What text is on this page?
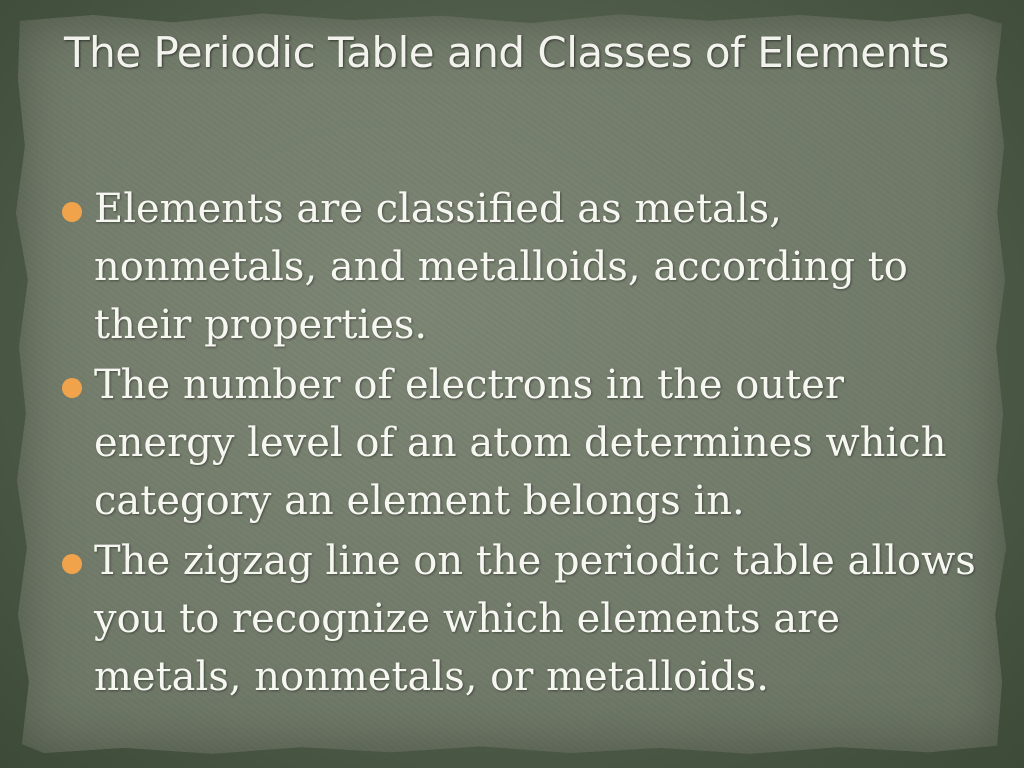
The Periodic Table and Classes of Elements
Elements are classified as metals, nonmetals, and metalloids, according to their properties.
The number of electrons in the outer energy level of an atom determines which category an element belongs in.
The zigzag line on the periodic table allows you to recognize which elements are metals, nonmetals, or metalloids.
